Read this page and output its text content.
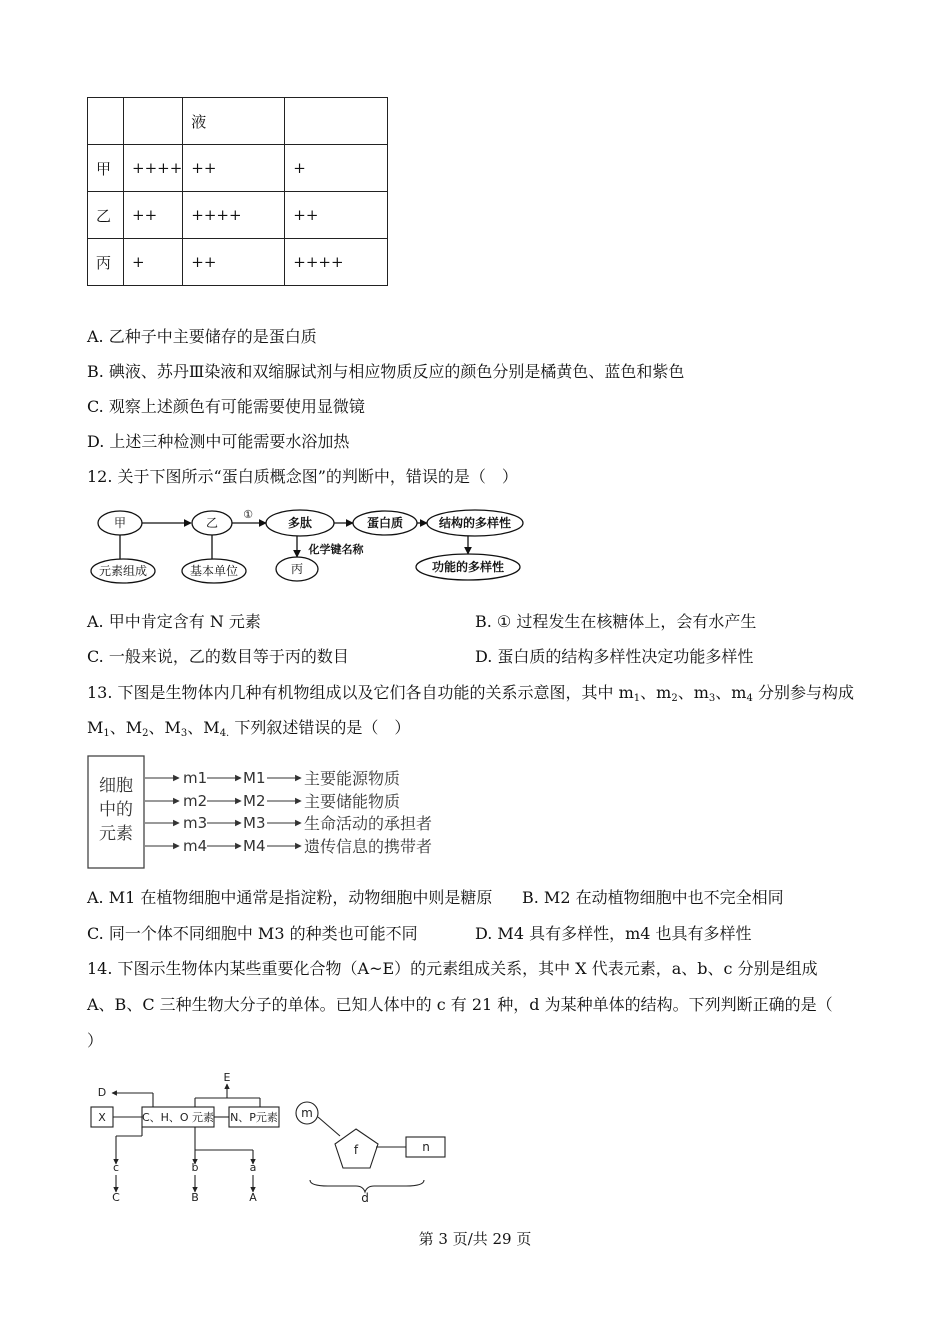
		液	
甲	++++	++	+
乙	++	++++	++
丙	+	++	++++
A. 乙种子中主要储存的是蛋白质
B. 碘液、苏丹Ⅲ染液和双缩脲试剂与相应物质反应的颜色分别是橘黄色、蓝色和紫色
C. 观察上述颜色有可能需要使用显微镜
D. 上述三种检测中可能需要水浴加热
12. 关于下图所示“蛋白质概念图”的判断中，错误的是（　）
甲	乙
①
多肽	蛋白质	结构的多样性
元素组成	基本单位
化学键名称
丙	功能的多样性
A. 甲中肯定含有 N 元素	B. ① 过程发生在核糖体上，会有水产生
C. 一般来说，乙的数目等于丙的数目	D. 蛋白质的结构多样性决定功能多样性
13. 下图是生物体内几种有机物组成以及它们各自功能的关系示意图，其中 $m_1$、$m_2$、$m_3$、$m_4$ 分别参与构成
$M_1$、$M_2$、$M_3$、$M_{4.}$ 下列叙述错误的是（　）
细胞
中的
元素
m1
m2
m3
m4
M1
M2
M3
M4
主要能源物质
主要储能物质
生命活动的承担者
遗传信息的携带者
A. M1 在植物细胞中通常是指淀粉，动物细胞中则是糖原 B. M2 在动植物细胞中也不完全相同
C. 同一个体不同细胞中 M3 的种类也可能不同	D. M4 具有多样性，m4 也具有多样性
14. 下图示生物体内某些重要化合物（A~E）的元素组成关系，其中 X 代表元素，a、b、c 分别是组成
A、B、C 三种生物大分子的单体。已知人体中的 c 有 21 种，d 为某种单体的结构。下列判断正确的是（
）
D
E
X	C、H、O 元素 N、P元素
c	b	a
C	B	A
m
f	n
d
第 3 页/共 29 页
